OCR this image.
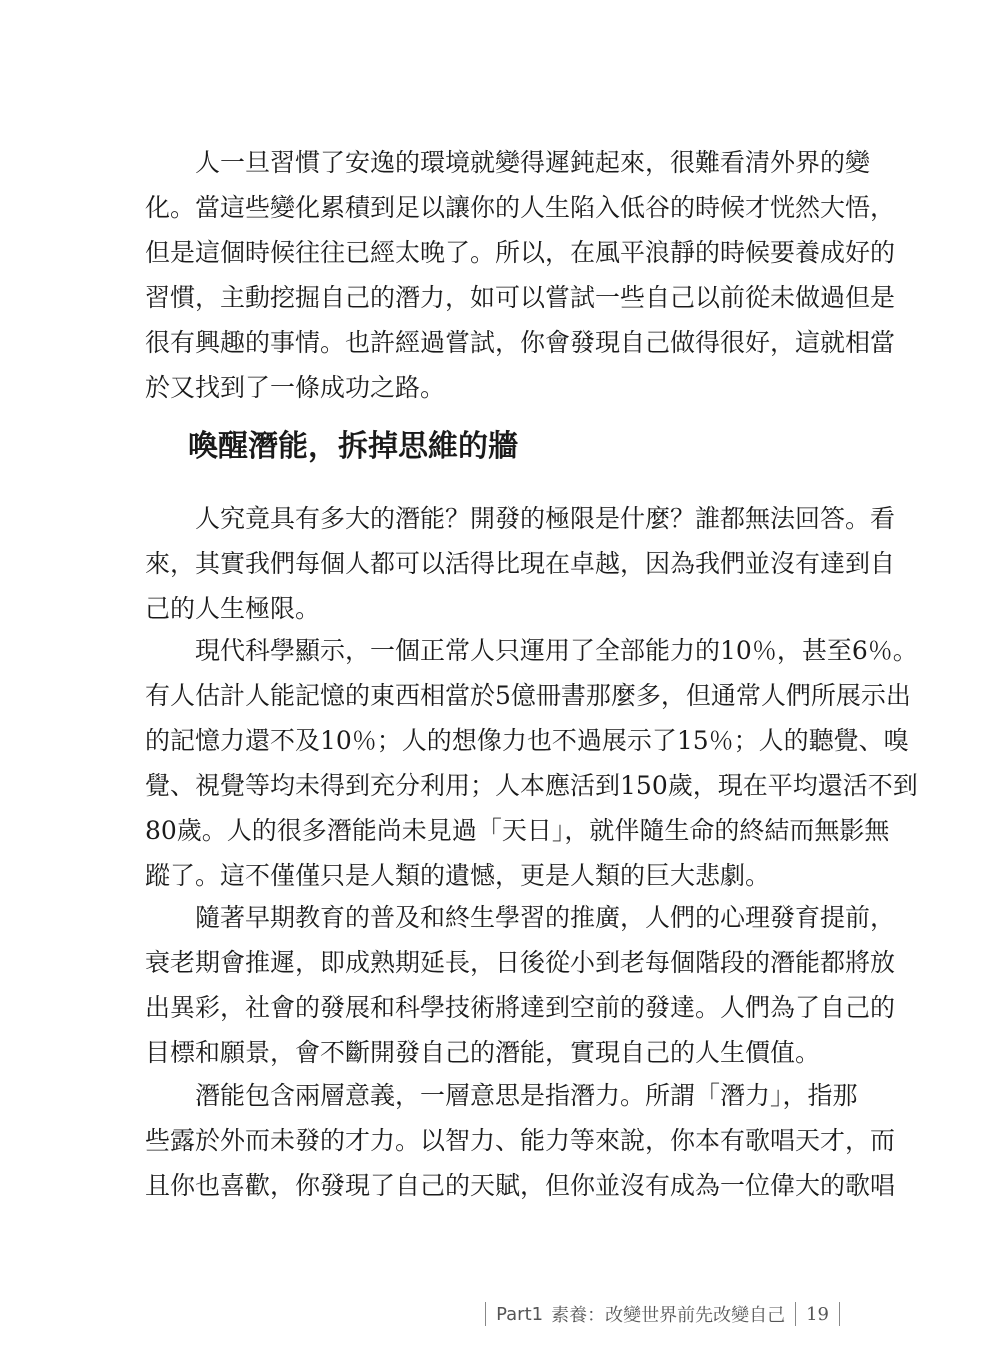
　　人一旦習慣了安逸的環境就變得遲鈍起來，很難看清外界的變
化。當這些變化累積到足以讓你的人生陷入低谷的時候才恍然大悟，
但是這個時候往往已經太晚了。所以，在風平浪靜的時候要養成好的
習慣，主動挖掘自己的潛力，如可以嘗試一些自己以前從未做過但是
很有興趣的事情。也許經過嘗試，你會發現自己做得很好，這就相當
於又找到了一條成功之路。
喚醒潛能，拆掉思維的牆
　　人究竟具有多大的潛能？開發的極限是什麼？誰都無法回答。看
來，其實我們每個人都可以活得比現在卓越，因為我們並沒有達到自
己的人生極限。
　　現代科學顯示，一個正常人只運用了全部能力的10％，甚至6％。
有人估計人能記憶的東西相當於5億冊書那麼多，但通常人們所展示出
的記憶力還不及10％；人的想像力也不過展示了15％；人的聽覺、嗅
覺、視覺等均未得到充分利用；人本應活到150歲，現在平均還活不到
80歲。人的很多潛能尚未見過「天日」，就伴隨生命的終結而無影無
蹤了。這不僅僅只是人類的遺憾，更是人類的巨大悲劇。
　　隨著早期教育的普及和終生學習的推廣，人們的心理發育提前，
衰老期會推遲，即成熟期延長，日後從小到老每個階段的潛能都將放
出異彩，社會的發展和科學技術將達到空前的發達。人們為了自己的
目標和願景，會不斷開發自己的潛能，實現自己的人生價值。
　　潛能包含兩層意義，一層意思是指潛力。所謂「潛力」，指那
些露於外而未發的才力。以智力、能力等來說，你本有歌唱天才，而
且你也喜歡，你發現了自己的天賦，但你並沒有成為一位偉大的歌唱
Part1 素養：改變世界前先改變自己 19
